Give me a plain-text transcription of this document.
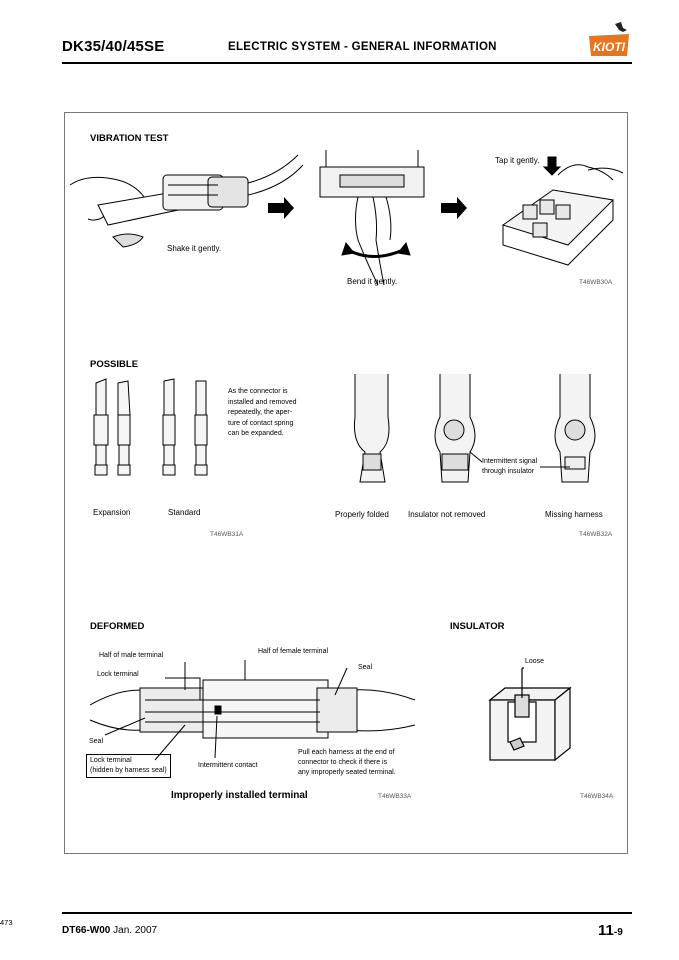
DK35/40/45SE	ELECTRIC SYSTEM - GENERAL INFORMATION	KIOTI
VIBRATION TEST
Shake it gently.
Bend it gently.
Tap it gently.
T46WB30A
POSSIBLE
As the connector is
installed and removed
repeatedly, the aper-
ture of contact spring
can be expanded.
Expansion	Standard
T46WB31A
Intermittent signal
through insulator
Properly folded Insulator not removed	Missing harness
T46WB32A
DEFORMED
Half of male terminal
Half of female terminal
Lock terminal
Seal
Seal
Lock terminal
(hidden by harness seal)
Intermittent contact
Pull each harness at the end of
connector to check if there is
any improperly seated terminal.
Improperly installed terminal	T46WB33A
INSULATOR
Loose
T46WB34A
473
DT66-W00 Jan. 2007	11-9
